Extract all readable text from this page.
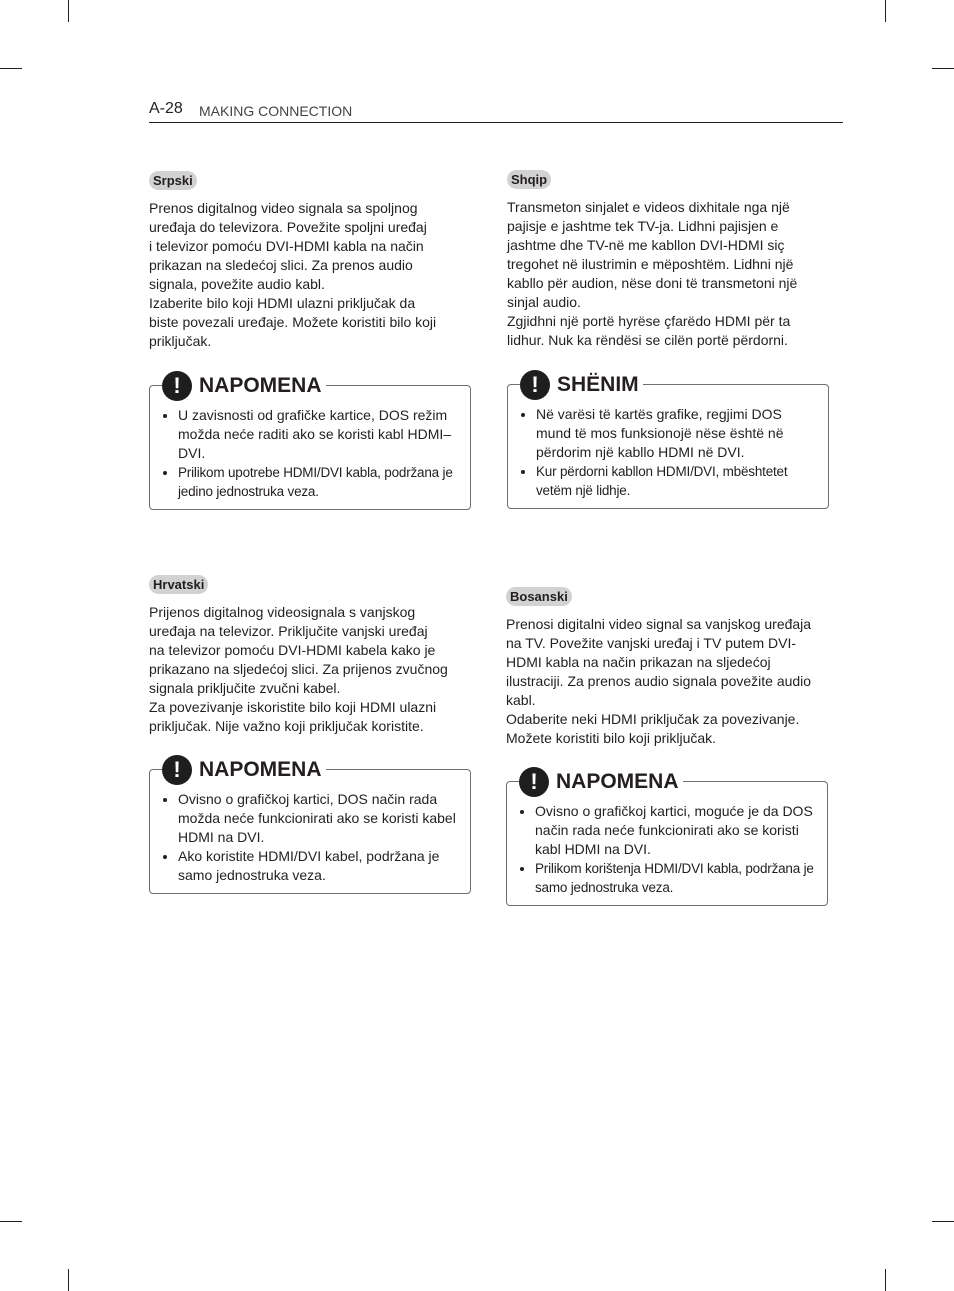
A-28 MAKING CONNECTION
Srpski

Prenos digitalnog video signala sa spoljnog

uređaja do televizora. Povežite spoljni uređaj

i televizor pomoću DVI-HDMI kabla na način

prikazan na sledećoj slici. Za prenos audio

signala, povežite audio kabl.

Izaberite bilo koji HDMI ulazni priključak da

biste povezali uređaje. Možete koristiti bilo koji

priključak.

! NAPOMENA
• U zavisnosti od grafičke kartice, DOS režim možda neće raditi ako se koristi kabl HDMI–DVI.
• Prilikom upotrebe HDMI/DVI kabla, podržana je jedino jednostruka veza.
Shqip

Transmeton sinjalet e videos dixhitale nga një

pajisje e jashtme tek TV-ja. Lidhni pajisjen e

jashtme dhe TV-në me kabllon DVI-HDMI siç

tregohet në ilustrimin e mëposhtëm. Lidhni një

kabllo për audion, nëse doni të transmetoni një

sinjal audio.

Zgjidhni një portë hyrëse çfarëdo HDMI për ta

lidhur. Nuk ka rëndësi se cilën portë përdorni.

! SHËNIM
• Në varësi të kartës grafike, regjimi DOS mund të mos funksionojë nëse është në përdorim një kabllo HDMI në DVI.
• Kur përdorni kabllon HDMI/DVI, mbështetet vetëm një lidhje.
Hrvatski

Prijenos digitalnog videosignala s vanjskog

uređaja na televizor. Priključite vanjski uređaj

na televizor pomoću DVI-HDMI kabela kako je

prikazano na sljedećoj slici. Za prijenos zvučnog

signala priključite zvučni kabel.

Za povezivanje iskoristite bilo koji HDMI ulazni

priključak. Nije važno koji priključak koristite.

! NAPOMENA
• Ovisno o grafičkoj kartici, DOS način rada možda neće funkcionirati ako se koristi kabel HDMI na DVI.
• Ako koristite HDMI/DVI kabel, podržana je samo jednostruka veza.
Bosanski

Prenosi digitalni video signal sa vanjskog uređaja

na TV. Povežite vanjski uređaj i TV putem DVI-

HDMI kabla na način prikazan na sljedećoj

ilustraciji. Za prenos audio signala povežite audio

kabl.

Odaberite neki HDMI priključak za povezivanje.

Možete koristiti bilo koji priključak.

! NAPOMENA
• Ovisno o grafičkoj kartici, moguće je da DOS način rada neće funkcionirati ako se koristi kabl HDMI na DVI.
• Prilikom korištenja HDMI/DVI kabla, podržana je samo jednostruka veza.
